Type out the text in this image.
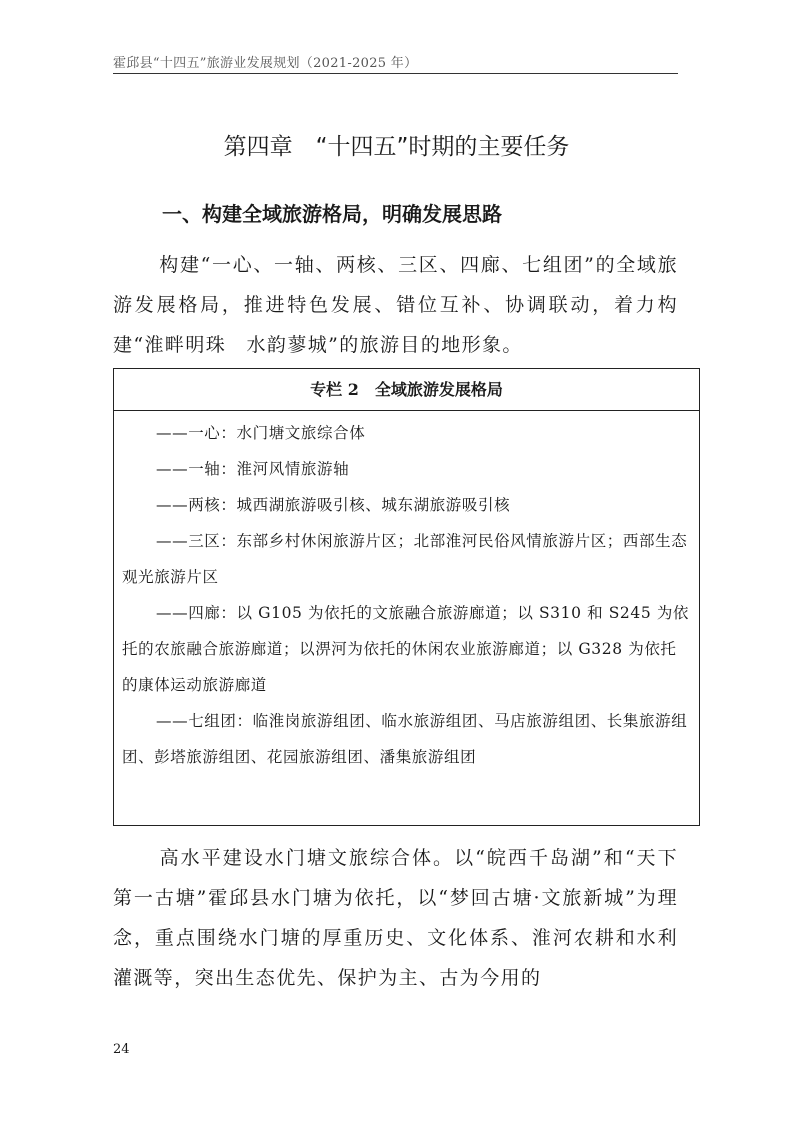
霍邱县“十四五”旅游业发展规划（2021-2025 年）
第四章　“十四五”时期的主要任务
一、构建全域旅游格局，明确发展思路

构建“一心、一轴、两核、三区、四廊、七组团”的全域旅游发展格局，推进特色发展、错位互补、协调联动，着力构建“淮畔明珠　水韵蓼城”的旅游目的地形象。

专栏 2　全域旅游发展格局

——一心：水门塘文旅综合体

——一轴：淮河风情旅游轴

——两核：城西湖旅游吸引核、城东湖旅游吸引核

——三区：东部乡村休闲旅游片区；北部淮河民俗风情旅游片区；西部生态观光旅游片区

——四廊：以 G105 为依托的文旅融合旅游廊道；以 S310 和 S245 为依托的农旅融合旅游廊道；以淠河为依托的休闲农业旅游廊道；以 G328 为依托的康体运动旅游廊道

——七组团：临淮岗旅游组团、临水旅游组团、马店旅游组团、长集旅游组团、彭塔旅游组团、花园旅游组团、潘集旅游组团

高水平建设水门塘文旅综合体。以“皖西千岛湖”和“天下第一古塘”霍邱县水门塘为依托，以“梦回古塘·文旅新城”为理念，重点围绕水门塘的厚重历史、文化体系、淮河农耕和水利灌溉等，突出生态优先、保护为主、古为今用的

24
